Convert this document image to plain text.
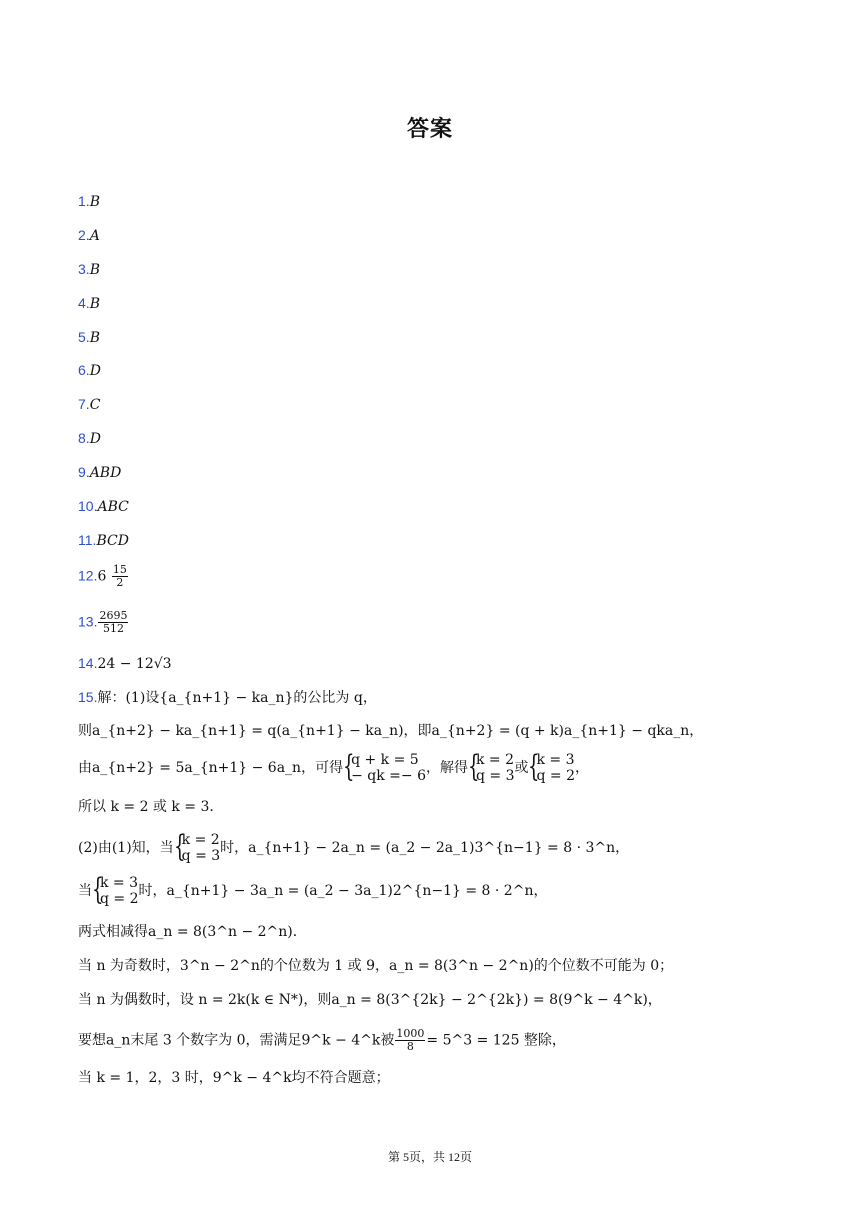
答案
1.B
2.A
3.B
4.B
5.B
6.D
7.C
8.D
9.ABD
10.ABC
11.BCD
$12.6 \frac{15}{2}$
13. $\frac{2695}{512}$
14.24 − 12√3
15.解：(1)设{a_{n+1} − ka_n}的公比为 q，
则a_{n+2} − ka_{n+1} = q(a_{n+1} − ka_n)，即a_{n+2} = (q + k)a_{n+1} − qka_n，
由a_{n+2} = 5a_{n+1} − 6a_n，可得 {
q + k = 5
− qk =− 6 ，解得 {
k = 2
q = 3 或 {
k = 3
q = 2 ，
所以 k = 2 或 k = 3．
(2)由(1)知，当 {
k = 2
q = 3 时，a_{n+1} − 2a_n = (a_2 − 2a_1)3^{n−1} = 8 · 3^n，
当 {
k = 3
q = 2 时，a_{n+1} − 3a_n = (a_2 − 3a_1)2^{n−1} = 8 · 2^n，
两式相减得a_n = 8(3^n − 2^n)．
当 n 为奇数时，3^n − 2^n的个位数为 1 或 9，a_n = 8(3^n − 2^n)的个位数不可能为 0；
当 n 为偶数时，设 n = 2k(k ∈ N*)，则a_n = 8(3^{2k} − 2^{2k}) = 8(9^k − 4^k)，
要想a_n末尾 3 个数字为 0，需满足9^k − 4^k被 $\frac{1000}{8}$ = 5^3 = 125 整除，
当 k = 1，2，3 时，9^k − 4^k均不符合题意；
第 5页，共 12页
